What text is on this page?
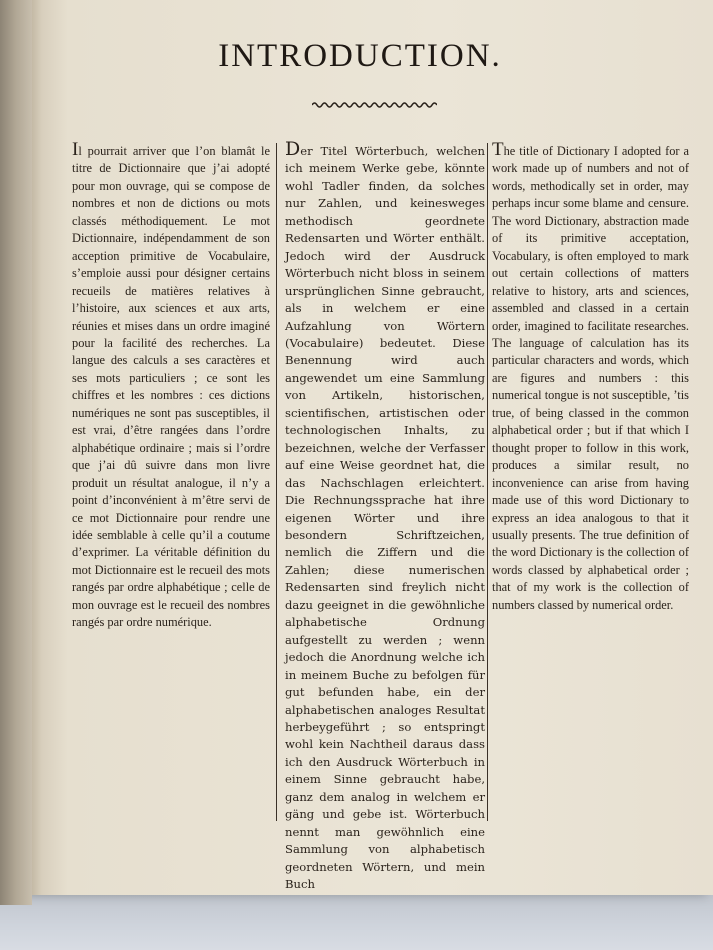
INTRODUCTION.

Il pourrait arriver que l’on blamât le titre de Dictionnaire que j’ai adopté pour mon ouvrage, qui se compose de nombres et non de dictions ou mots classés méthodiquement. Le mot Dictionnaire, indépendamment de son acception primitive de Vocabulaire, s’emploie aussi pour désigner certains recueils de matières relatives à l’histoire, aux sciences et aux arts, réunies et mises dans un ordre imaginé pour la facilité des recherches. La langue des calculs a ses caractères et ses mots particuliers ; ce sont les chiffres et les nombres : ces dictions numériques ne sont pas susceptibles, il est vrai, d’être rangées dans l’ordre alphabétique ordinaire ; mais si l’ordre que j’ai dû suivre dans mon livre produit un résultat analogue, il n’y a point d’inconvénient à m’être servi de ce mot Dictionnaire pour rendre une idée semblable à celle qu’il a coutume d’exprimer. La véritable définition du mot Dictionnaire est le recueil des mots rangés par ordre alphabétique ; celle de mon ouvrage est le recueil des nombres rangés par ordre numérique.

Der Titel Wörterbuch, welchen ich meinem Werke gebe, könnte wohl Tadler finden, da solches nur Zahlen, und keinesweges methodisch geordnete Redensarten und Wörter enthält. Jedoch wird der Ausdruck Wörterbuch nicht bloss in seinem ursprünglichen Sinne gebraucht, als in welchem er eine Aufzahlung von Wörtern (Vocabulaire) bedeutet. Diese Benennung wird auch angewendet um eine Sammlung von Artikeln, historischen, scientifischen, artistischen oder technologischen Inhalts, zu bezeichnen, welche der Verfasser auf eine Weise geordnet hat, die das Nachschlagen erleichtert. Die Rechnungssprache hat ihre eigenen Wörter und ihre besondern Schriftzeichen, nemlich die Ziffern und die Zahlen; diese numerischen Redensarten sind freylich nicht dazu geeignet in die gewöhnliche alphabetische Ordnung aufgestellt zu werden ; wenn jedoch die Anordnung welche ich in meinem Buche zu befolgen für gut befunden habe, ein der alphabetischen analoges Resultat herbeygeführt ; so entspringt wohl kein Nachtheil daraus dass ich den Ausdruck Wörterbuch in einem Sinne gebraucht habe, ganz dem analog in welchem er gäng und gebe ist. Wörterbuch nennt man gewöhnlich eine Sammlung von alphabetisch geordneten Wörtern, und mein Buch

The title of Dictionary I adopted for a work made up of numbers and not of words, methodically set in order, may perhaps incur some blame and censure. The word Dictionary, abstraction made of its primitive acceptation, Vocabulary, is often employed to mark out certain collections of matters relative to history, arts and sciences, assembled and classed in a certain order, imagined to facilitate researches. The language of calculation has its particular characters and words, which are figures and numbers : this numerical tongue is not susceptible, ’tis true, of being classed in the common alphabetical order ; but if that which I thought proper to follow in this work, produces a similar result, no inconvenience can arise from having made use of this word Dictionary to express an idea analogous to that it usually presents. The true definition of the word Dictionary is the collection of words classed by alphabetical order ; that of my work is the collection of numbers classed by numerical order.
